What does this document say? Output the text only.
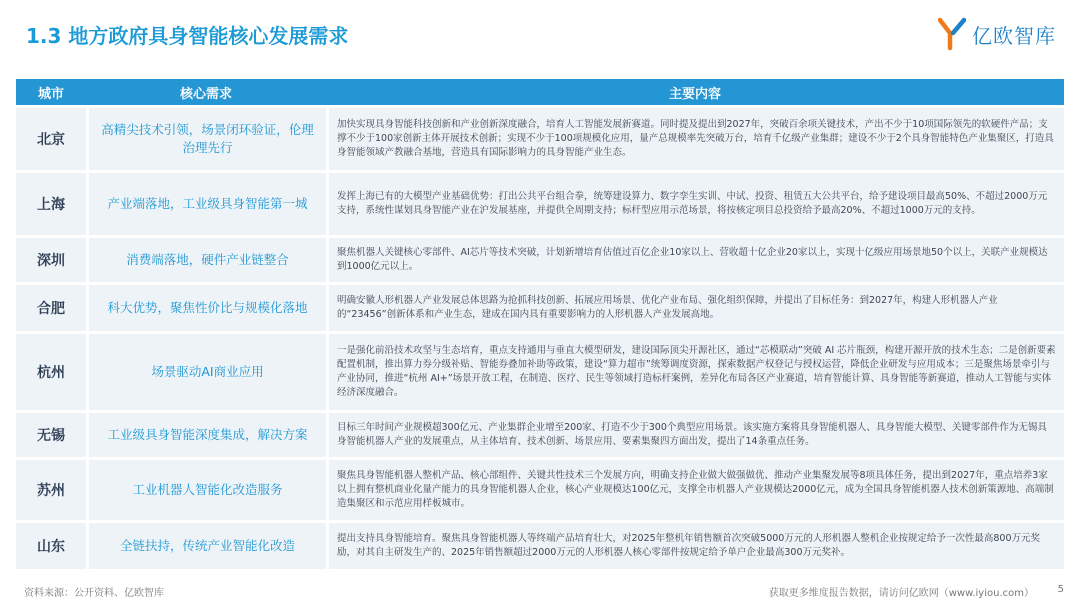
1.3 地方政府具身智能核心发展需求	亿欧智库
城市	核心需求	主要内容
北京	高精尖技术引领，场景闭环验证，伦理治理先行	加快实现具身智能科技创新和产业创新深度融合，培育人工智能发展新赛道。同时提及提出到2027年，突破百余项关键技术，产出不少于10项国际领先的软硬件产品；支撑不少于100家创新主体开展技术创新；实现不少于100项规模化应用，量产总规模率先突破万台，培育千亿级产业集群；建设不少于2个具身智能特色产业集聚区，打造具身智能领域产教融合基地，营造具有国际影响力的具身智能产业生态。
上海	产业端落地，工业级具身智能第一城	发挥上海已有的大模型产业基础优势：打出公共平台组合拳，统筹建设算力、数字孪生实训、中试、投资、租赁五大公共平台，给予建设项目最高50%、不超过2000万元支持，系统性谋划具身智能产业在沪发展基座，并提供全周期支持；标杆型应用示范场景，将按核定项目总投资给予最高20%、不超过1000万元的支持。
深圳	消费端落地，硬件产业链整合	聚焦机器人关键核心零部件、AI芯片等技术突破，计划新增培育估值过百亿企业10家以上、营收超十亿企业20家以上，实现十亿级应用场景地50个以上，关联产业规模达到1000亿元以上。
合肥	科大优势，聚焦性价比与规模化落地	明确安徽人形机器人产业发展总体思路为抢抓科技创新、拓展应用场景、优化产业布局、强化组织保障，并提出了目标任务：到2027年，构建人形机器人产业的“23456”创新体系和产业生态，建成在国内具有重要影响力的人形机器人产业发展高地。
杭州	场景驱动AI商业应用	一是强化前沿技术攻坚与生态培育，重点支持通用与垂直大模型研发，建设国际顶尖开源社区，通过“芯模联动”突破 AI 芯片瓶颈，构建开源开放的技术生态；二是创新要素配置机制，推出算力券分级补贴、智能券叠加补助等政策，建设“算力超市”统筹调度资源，探索数据产权登记与授权运营，降低企业研发与应用成本；三是聚焦场景牵引与产业协同，推进“杭州 AI+”场景开放工程，在制造、医疗、民生等领域打造标杆案例，差异化布局各区产业赛道，培育智能计算、具身智能等新赛道，推动人工智能与实体经济深度融合。
无锡	工业级具身智能深度集成，解决方案	目标三年时间产业规模超300亿元、产业集群企业增至200家、打造不少于300个典型应用场景。该实施方案将具身智能机器人、具身智能大模型、关键零部件作为无锡具身智能机器人产业的发展重点，从主体培育、技术创新、场景应用、要素集聚四方面出发，提出了14条重点任务。
苏州	工业机器人智能化改造服务	聚焦具身智能机器人整机产品、核心部组件、关键共性技术三个发展方向，明确支持企业做大做强做优、推动产业集聚发展等8项具体任务，提出到2027年，重点培养3家以上拥有整机商业化量产能力的具身智能机器人企业，核心产业规模达100亿元，支撑全市机器人产业规模达2000亿元，成为全国具身智能机器人技术创新策源地、高端制造集聚区和示范应用样板城市。
山东	全链扶持，传统产业智能化改造	提出支持具身智能培育。聚焦具身智能机器人等终端产品培育壮大，对2025年整机年销售额首次突破5000万元的人形机器人整机企业按规定给予一次性最高800万元奖励，对其自主研发生产的、2025年销售额超过2000万元的人形机器人核心零部件按规定给予单户企业最高300万元奖补。
资料来源：公开资料、亿欧智库	获取更多维度报告数据，请访问亿欧网（www.iyiou.com） 5
